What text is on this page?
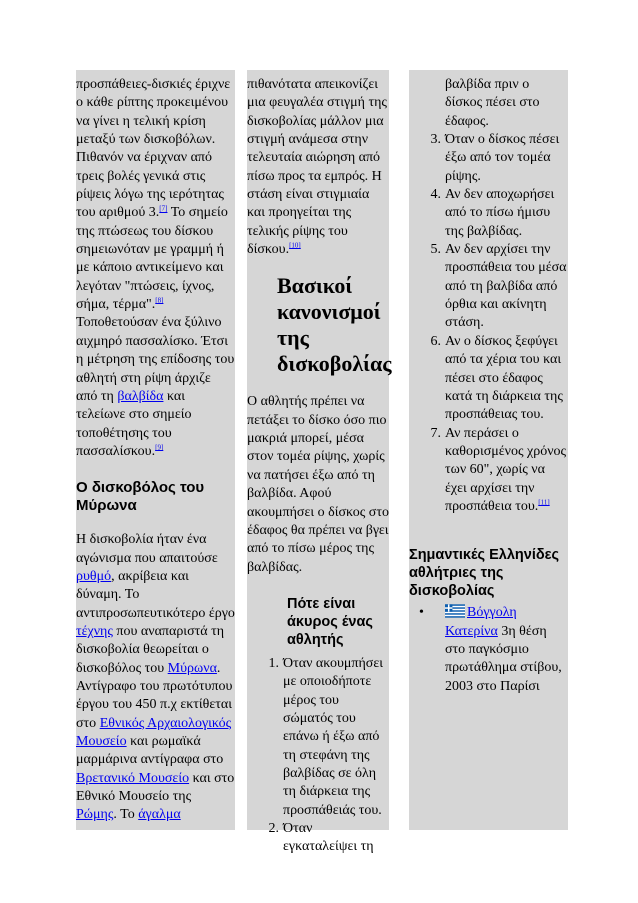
προσπάθειες-δισκιές έριχνε ο κάθε ρίπτης προκειμένου να γίνει η τελική κρίση μεταξύ των δισκοβόλων. Πιθανόν να έριχναν από τρεις βολές γενικά στις ρίψεις λόγω της ιερότητας του αριθμού 3.[7] Το σημείο της πτώσεως του δίσκου σημειωνόταν με γραμμή ή με κάποιο αντικείμενο και λεγόταν "πτώσεις, ίχνος, σήμα, τέρμα".[8] Τοποθετούσαν ένα ξύλινο αιχμηρό πασσαλίσκο. Έτσι η μέτρηση της επίδοσης του αθλητή στη ρίψη άρχιζε από τη βαλβίδα και τελείωνε στο σημείο τοποθέτησης του πασσαλίσκου.[9]

Ο δισκοβόλος του Μύρωνα

Η δισκοβολία ήταν ένα αγώνισμα που απαιτούσε ρυθμό, ακρίβεια και δύναμη. Το αντιπροσωπευτικότερο έργο τέχνης που αναπαριστά τη δισκοβολία θεωρείται ο δισκοβόλος του Μύρωνα. Αντίγραφο του πρωτότυπου έργου του 450 π.χ εκτίθεται στο Εθνικός Αρχαιολογικός Μουσείο και ρωμαϊκά μαρμάρινα αντίγραφα στο Βρετανικό Μουσείο και στο Εθνικό Μουσείο της Ρώμης. Το άγαλμα

πιθανότατα απεικονίζει μια φευγαλέα στιγμή της δισκοβολίας μάλλον μια στιγμή ανάμεσα στην τελευταία αιώρηση από πίσω προς τα εμπρός. Η στάση είναι στιγμιαία και προηγείται της τελικής ρίψης του δίσκου.[10]

Βασικοί κανονισμοί της δισκοβολίας

Ο αθλητής πρέπει να πετάξει το δίσκο όσο πιο μακριά μπορεί, μέσα στον τομέα ρίψης, χωρίς να πατήσει έξω από τη βαλβίδα. Αφού ακουμπήσει ο δίσκος στο έδαφος θα πρέπει να βγει από το πίσω μέρος της βαλβίδας.

Πότε είναι άκυρος ένας αθλητής
1. Όταν ακουμπήσει με οποιοδήποτε μέρος του σώματός του επάνω ή έξω από τη στεφάνη της βαλβίδας σε όλη τη διάρκεια της προσπάθειάς του.
2. Όταν εγκαταλείψει τη
βαλβίδα πριν ο δίσκος πέσει στο έδαφος.
3. Όταν ο δίσκος πέσει έξω από τον τομέα ρίψης.
4. Αν δεν αποχωρήσει από το πίσω ήμισυ της βαλβίδας.
5. Αν δεν αρχίσει την προσπάθεια του μέσα από τη βαλβίδα από όρθια και ακίνητη στάση.
6. Αν ο δίσκος ξεφύγει από τα χέρια του και πέσει στο έδαφος κατά τη διάρκεια της προσπάθειας του.
7. Αν περάσει ο καθορισμένος χρόνος των 60", χωρίς να έχει αρχίσει την προσπάθεια του.[11]
Σημαντικές Ελληνίδες αθλήτριες της δισκοβολίας
•	Βόγγολη Κατερίνα 3η θέση στο παγκόσμιο πρωτάθλημα στίβου, 2003 στο Παρίσι
